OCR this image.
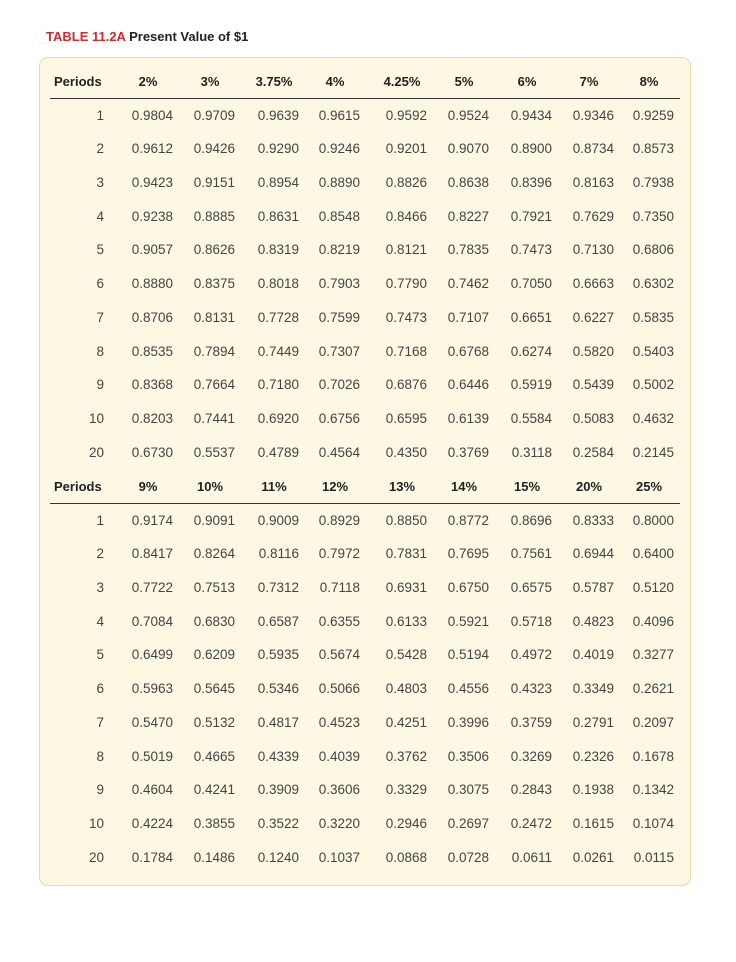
TABLE 11.2A Present Value of $1
Periods	2%	3%	3.75%	4%	4.25%	5%	6%	7%	8%
1	0.9804	0.9709	0.9639	0.9615	0.9592	0.9524	0.9434	0.9346	0.9259
2	0.9612	0.9426	0.9290	0.9246	0.9201	0.9070	0.8900	0.8734	0.8573
3	0.9423	0.9151	0.8954	0.8890	0.8826	0.8638	0.8396	0.8163	0.7938
4	0.9238	0.8885	0.8631	0.8548	0.8466	0.8227	0.7921	0.7629	0.7350
5	0.9057	0.8626	0.8319	0.8219	0.8121	0.7835	0.7473	0.7130	0.6806
6	0.8880	0.8375	0.8018	0.7903	0.7790	0.7462	0.7050	0.6663	0.6302
7	0.8706	0.8131	0.7728	0.7599	0.7473	0.7107	0.6651	0.6227	0.5835
8	0.8535	0.7894	0.7449	0.7307	0.7168	0.6768	0.6274	0.5820	0.5403
9	0.8368	0.7664	0.7180	0.7026	0.6876	0.6446	0.5919	0.5439	0.5002
10	0.8203	0.7441	0.6920	0.6756	0.6595	0.6139	0.5584	0.5083	0.4632
20	0.6730	0.5537	0.4789	0.4564	0.4350	0.3769	0.3118	0.2584	0.2145
Periods	9%	10%	11%	12%	13%	14%	15%	20%	25%
1	0.9174	0.9091	0.9009	0.8929	0.8850	0.8772	0.8696	0.8333	0.8000
2	0.8417	0.8264	0.8116	0.7972	0.7831	0.7695	0.7561	0.6944	0.6400
3	0.7722	0.7513	0.7312	0.7118	0.6931	0.6750	0.6575	0.5787	0.5120
4	0.7084	0.6830	0.6587	0.6355	0.6133	0.5921	0.5718	0.4823	0.4096
5	0.6499	0.6209	0.5935	0.5674	0.5428	0.5194	0.4972	0.4019	0.3277
6	0.5963	0.5645	0.5346	0.5066	0.4803	0.4556	0.4323	0.3349	0.2621
7	0.5470	0.5132	0.4817	0.4523	0.4251	0.3996	0.3759	0.2791	0.2097
8	0.5019	0.4665	0.4339	0.4039	0.3762	0.3506	0.3269	0.2326	0.1678
9	0.4604	0.4241	0.3909	0.3606	0.3329	0.3075	0.2843	0.1938	0.1342
10	0.4224	0.3855	0.3522	0.3220	0.2946	0.2697	0.2472	0.1615	0.1074
20	0.1784	0.1486	0.1240	0.1037	0.0868	0.0728	0.0611	0.0261	0.0115
